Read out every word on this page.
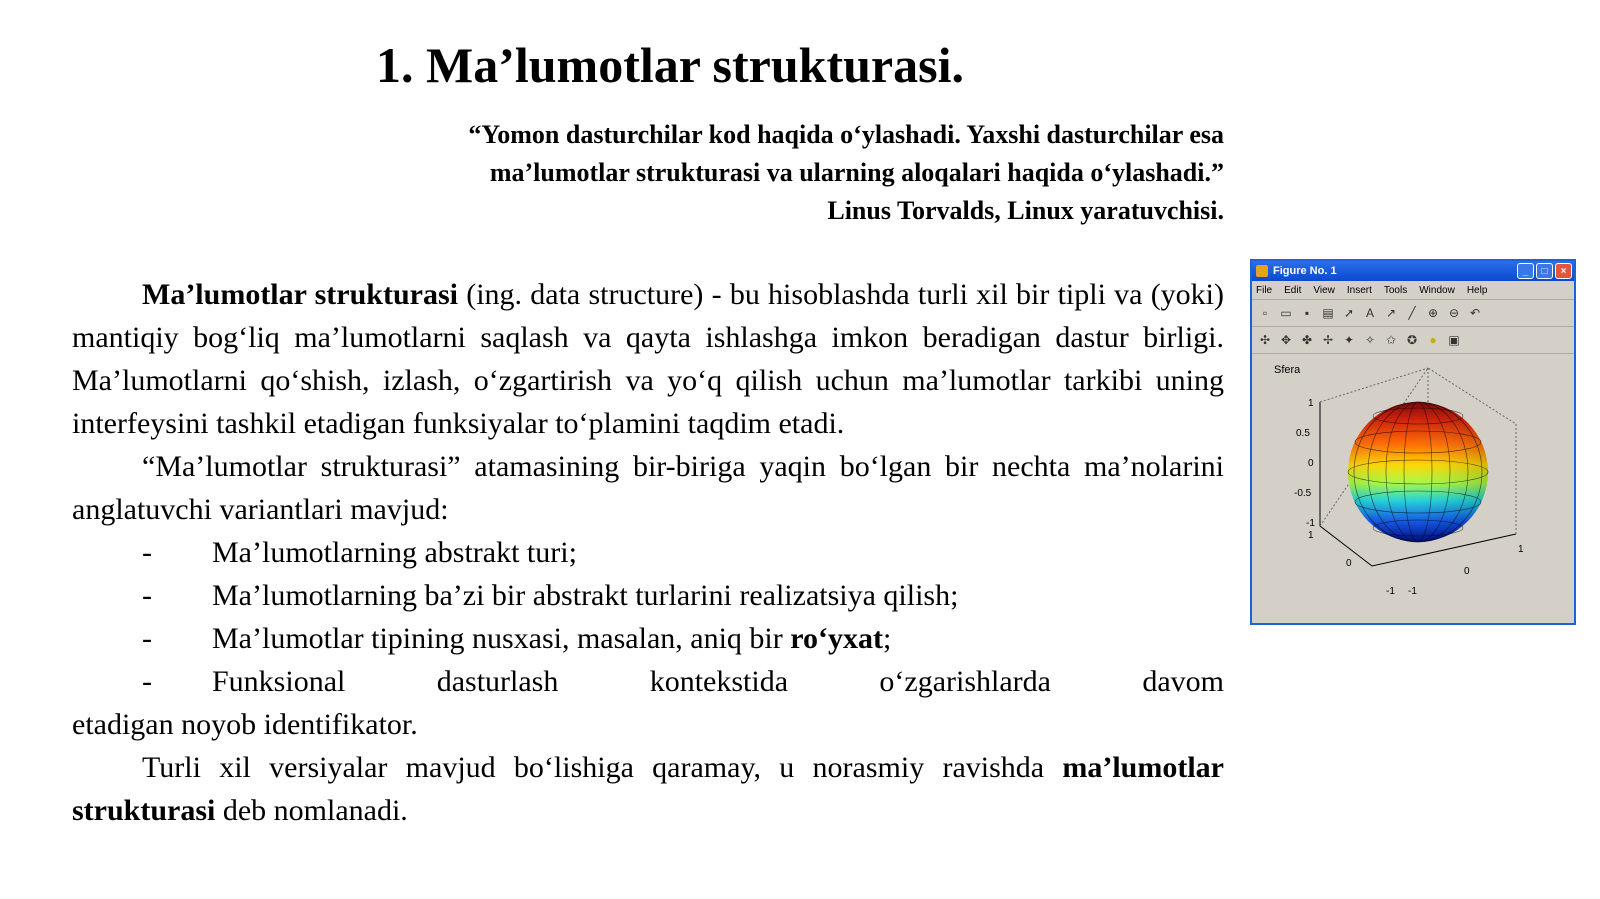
1. Ma’lumotlar strukturasi.
“Yomon dasturchilar kod haqida o‘ylashadi. Yaxshi dasturchilar esa
ma’lumotlar strukturasi va ularning aloqalari haqida o‘ylashadi.”
Linus Torvalds, Linux yaratuvchisi.

Ma’lumotlar strukturasi (ing. data structure) - bu hisoblashda turli xil bir tipli va (yoki) mantiqiy bog‘liq ma’lumotlarni saqlash va qayta ishlashga imkon beradigan dastur birligi. Ma’lumotlarni qo‘shish, izlash, o‘zgartirish va yo‘q qilish uchun ma’lumotlar tarkibi uning interfeysini tashkil etadigan funksiyalar to‘plamini taqdim etadi.

“Ma’lumotlar strukturasi” atamasining bir-biriga yaqin bo‘lgan bir nechta ma’nolarini anglatuvchi variantlari mavjud:

-	Ma’lumotlarning abstrakt turi;
-	Ma’lumotlarning ba’zi bir abstrakt turlarini realizatsiya qilish;
-	Ma’lumotlar tipining nusxasi, masalan, aniq bir ro‘yxat;
-	Funksional dasturlash kontekstida o‘zgarishlarda davom

etadigan noyob identifikator.

Turli xil versiyalar mavjud bo‘lishiga qaramay, u norasmiy ravishda ma’lumotlar strukturasi deb nomlanadi.

Figure No. 1	_	□	×
File Edit View Insert Tools Window Help
▫	▭	▪	▤ ➚ A ↗ ╱ ⊕ ⊖ ↶
✣ ✥ ✤ ✢ ✦ ✧ ✩ ✪ ● ▣
Sfera
1
0.5
0
-0.5
-1
1
0
-1
1
0
-1
